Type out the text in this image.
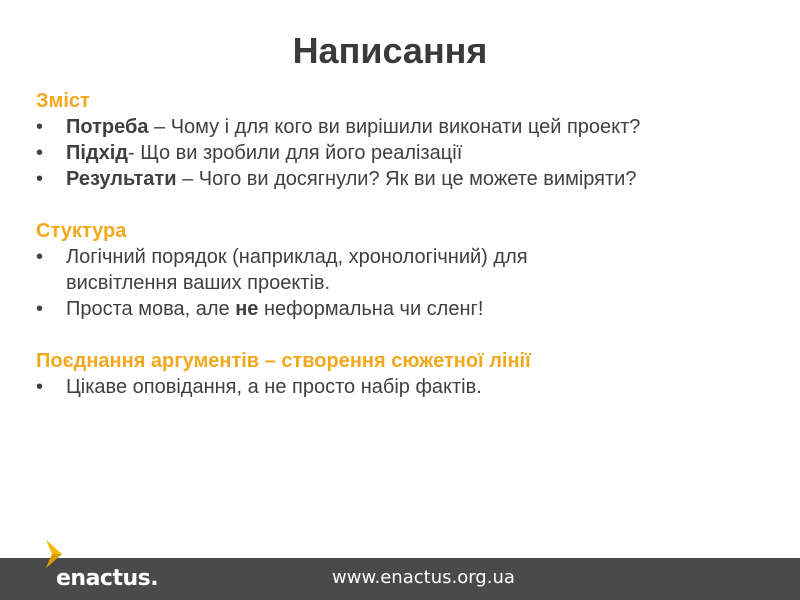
Написання

Зміст

• Потреба – Чому і для кого ви вирішили виконати цей проект?
• Підхід- Що ви зробили для його реалізації
• Результати – Чого ви досягнули? Як ви це можете виміряти?

Стуктура

• Логічний порядок (наприклад, хронологічний) для
висвітлення ваших проектів.
• Проста мова, але не неформальна чи сленг!

Поєднання аргументів – створення сюжетної лінії

• Цікаве оповідання, а не просто набір фактів.
enactus.	www.enactus.org.ua
